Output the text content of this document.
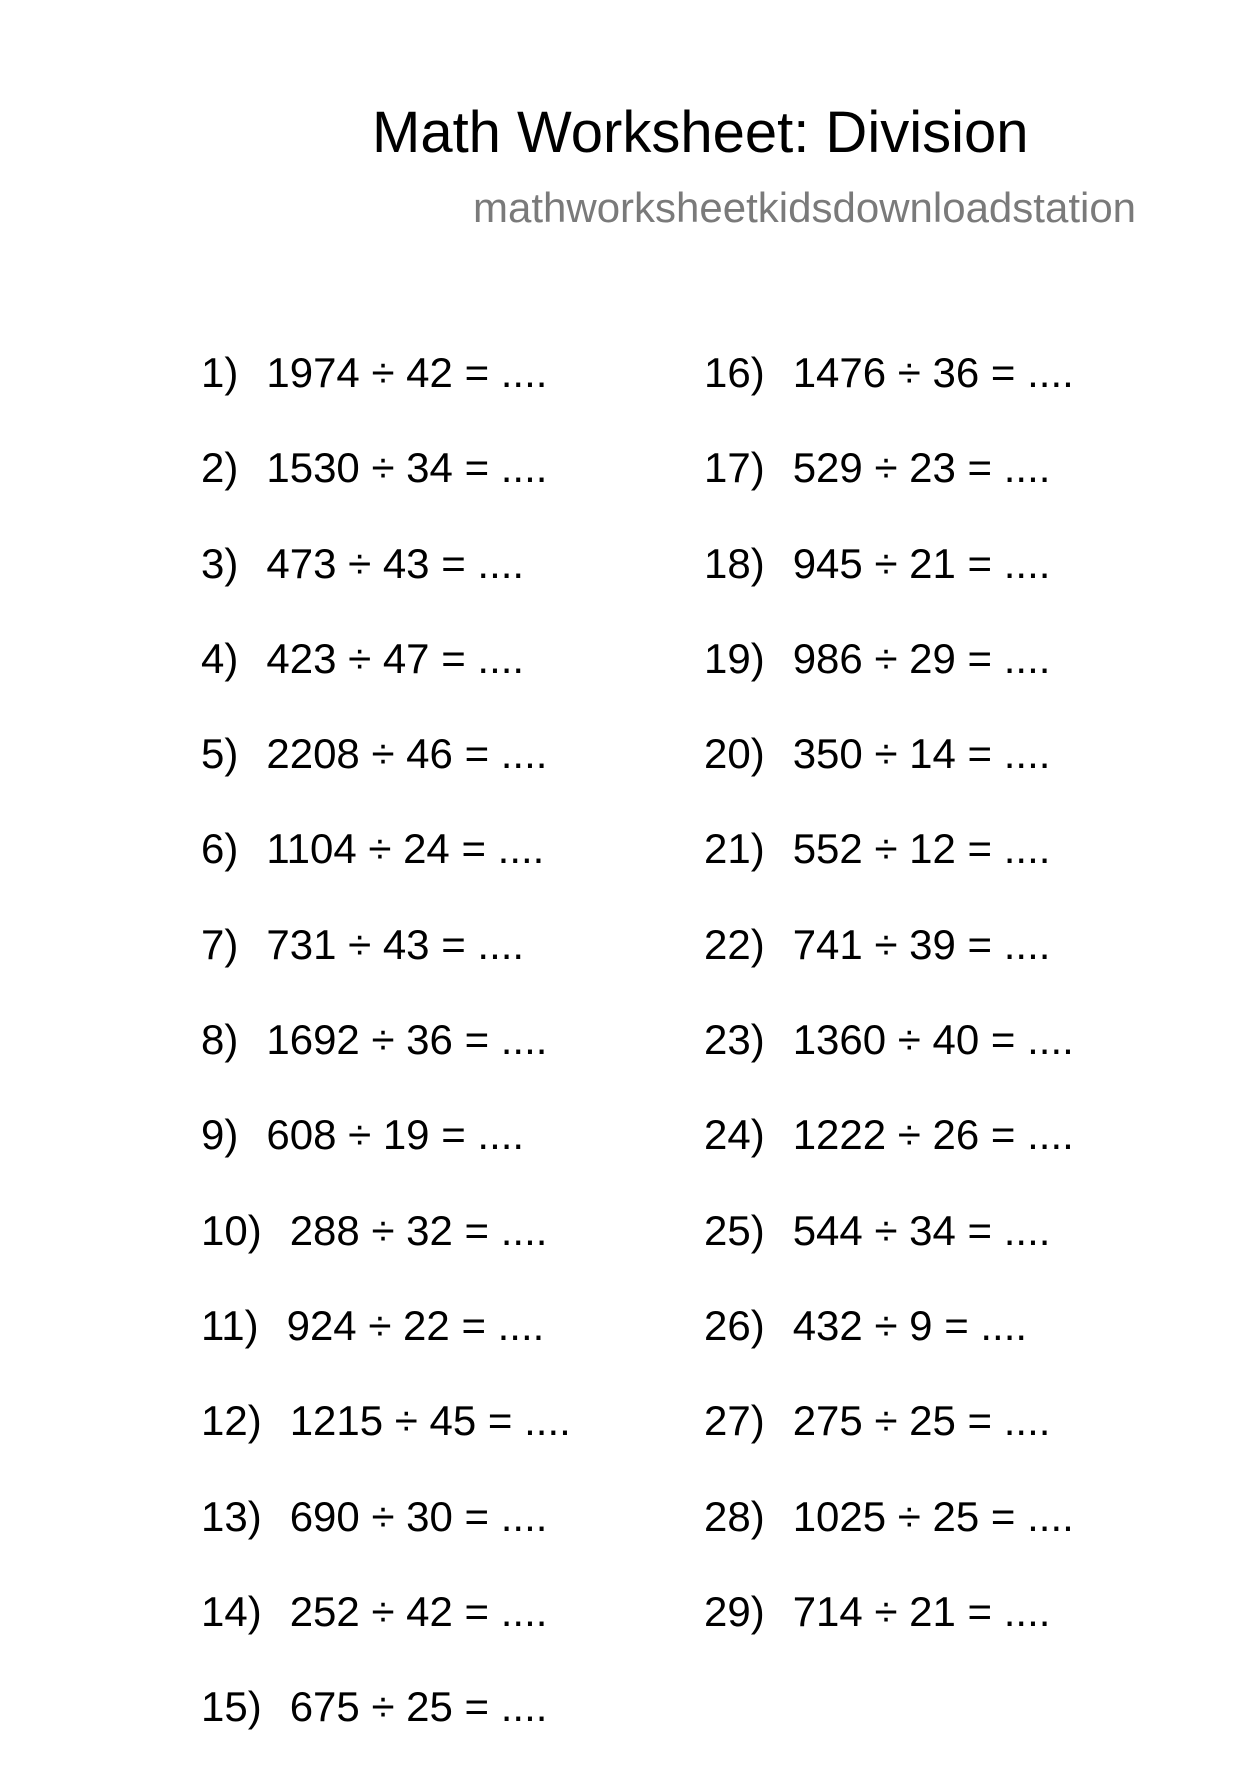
Math Worksheet: Division
mathworksheetkidsdownloadstation
1) 1974 ÷ 42 = ....
2) 1530 ÷ 34 = ....
3) 473 ÷ 43 = ....
4) 423 ÷ 47 = ....
5) 2208 ÷ 46 = ....
6) 1104 ÷ 24 = ....
7) 731 ÷ 43 = ....
8) 1692 ÷ 36 = ....
9) 608 ÷ 19 = ....
10) 288 ÷ 32 = ....
11) 924 ÷ 22 = ....
12) 1215 ÷ 45 = ....
13) 690 ÷ 30 = ....
14) 252 ÷ 42 = ....
15) 675 ÷ 25 = ....
16) 1476 ÷ 36 = ....
17) 529 ÷ 23 = ....
18) 945 ÷ 21 = ....
19) 986 ÷ 29 = ....
20) 350 ÷ 14 = ....
21) 552 ÷ 12 = ....
22) 741 ÷ 39 = ....
23) 1360 ÷ 40 = ....
24) 1222 ÷ 26 = ....
25) 544 ÷ 34 = ....
26) 432 ÷ 9 = ....
27) 275 ÷ 25 = ....
28) 1025 ÷ 25 = ....
29) 714 ÷ 21 = ....
